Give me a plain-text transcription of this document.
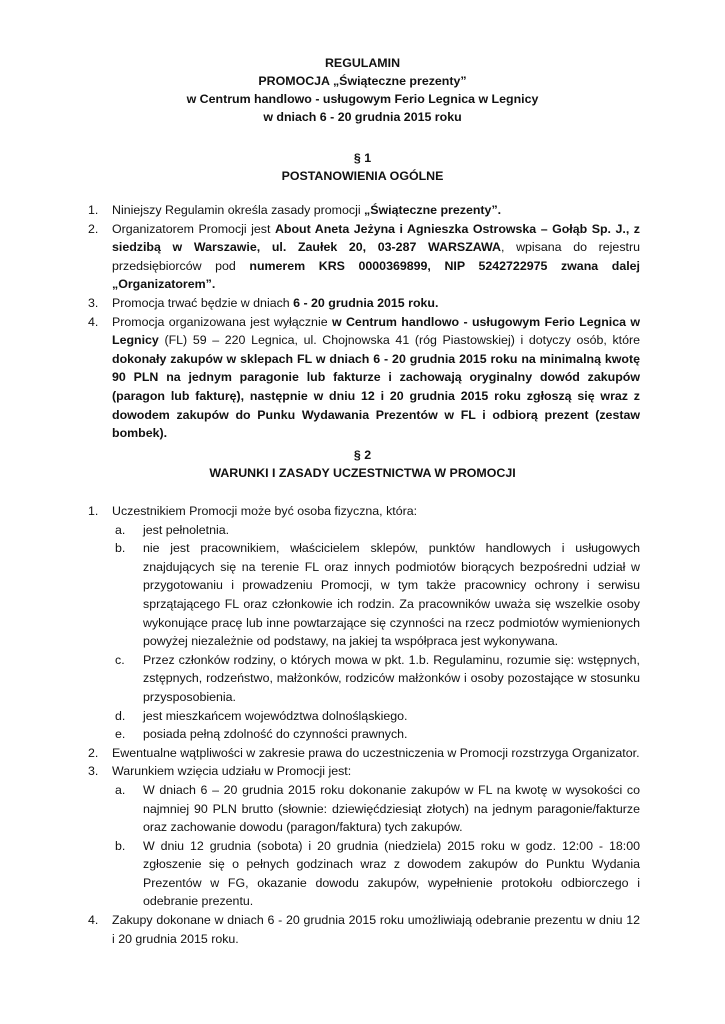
REGULAMIN

PROMOCJA „Świąteczne prezenty”

w Centrum handlowo - usługowym Ferio Legnica w Legnicy

w dniach 6 - 20 grudnia 2015 roku

§ 1

POSTANOWIENIA OGÓLNE

1. Niniejszy Regulamin określa zasady promocji „Świąteczne prezenty”.
2. Organizatorem Promocji jest About Aneta Jeżyna i Agnieszka Ostrowska – Gołąb Sp. J., z siedzibą w Warszawie, ul. Zaułek 20, 03-287 WARSZAWA, wpisana do rejestru przedsiębiorców pod numerem KRS 0000369899, NIP 5242722975 zwana dalej „Organizatorem”.
3. Promocja trwać będzie w dniach 6 - 20 grudnia 2015 roku.
4. Promocja organizowana jest wyłącznie w Centrum handlowo - usługowym Ferio Legnica w Legnicy (FL) 59 – 220 Legnica, ul. Chojnowska 41 (róg Piastowskiej) i dotyczy osób, które dokonały zakupów w sklepach FL w dniach 6 - 20 grudnia 2015 roku na minimalną kwotę 90 PLN na jednym paragonie lub fakturze i zachowają oryginalny dowód zakupów (paragon lub fakturę), następnie w dniu 12 i 20 grudnia 2015 roku zgłoszą się wraz z dowodem zakupów do Punku Wydawania Prezentów w FL i odbiorą prezent (zestaw bombek).

§ 2

WARUNKI I ZASADY UCZESTNICTWA W PROMOCJI

1. Uczestnikiem Promocji może być osoba fizyczna, która:
a. jest pełnoletnia.
b. nie jest pracownikiem, właścicielem sklepów, punktów handlowych i usługowych znajdujących się na terenie FL oraz innych podmiotów biorących bezpośredni udział w przygotowaniu i prowadzeniu Promocji, w tym także pracownicy ochrony i serwisu sprzątającego FL oraz członkowie ich rodzin. Za pracowników uważa się wszelkie osoby wykonujące pracę lub inne powtarzające się czynności na rzecz podmiotów wymienionych powyżej niezależnie od podstawy, na jakiej ta współpraca jest wykonywana.
c. Przez członków rodziny, o których mowa w pkt. 1.b. Regulaminu, rozumie się: wstępnych, zstępnych, rodzeństwo, małżonków, rodziców małżonków i osoby pozostające w stosunku przysposobienia.
d. jest mieszkańcem województwa dolnośląskiego.
e. posiada pełną zdolność do czynności prawnych.
2. Ewentualne wątpliwości w zakresie prawa do uczestniczenia w Promocji rozstrzyga Organizator.
3. Warunkiem wzięcia udziału w Promocji jest:
a. W dniach 6 – 20 grudnia 2015 roku dokonanie zakupów w FL na kwotę w wysokości co najmniej 90 PLN brutto (słownie: dziewięćdziesiąt złotych) na jednym paragonie/fakturze oraz zachowanie dowodu (paragon/faktura) tych zakupów.
b. W dniu 12 grudnia (sobota) i 20 grudnia (niedziela) 2015 roku w godz. 12:00 - 18:00 zgłoszenie się o pełnych godzinach wraz z dowodem zakupów do Punktu Wydania Prezentów w FG, okazanie dowodu zakupów, wypełnienie protokołu odbiorczego i odebranie prezentu.
4. Zakupy dokonane w dniach 6 - 20 grudnia 2015 roku umożliwiają odebranie prezentu w dniu 12 i 20 grudnia 2015 roku.
